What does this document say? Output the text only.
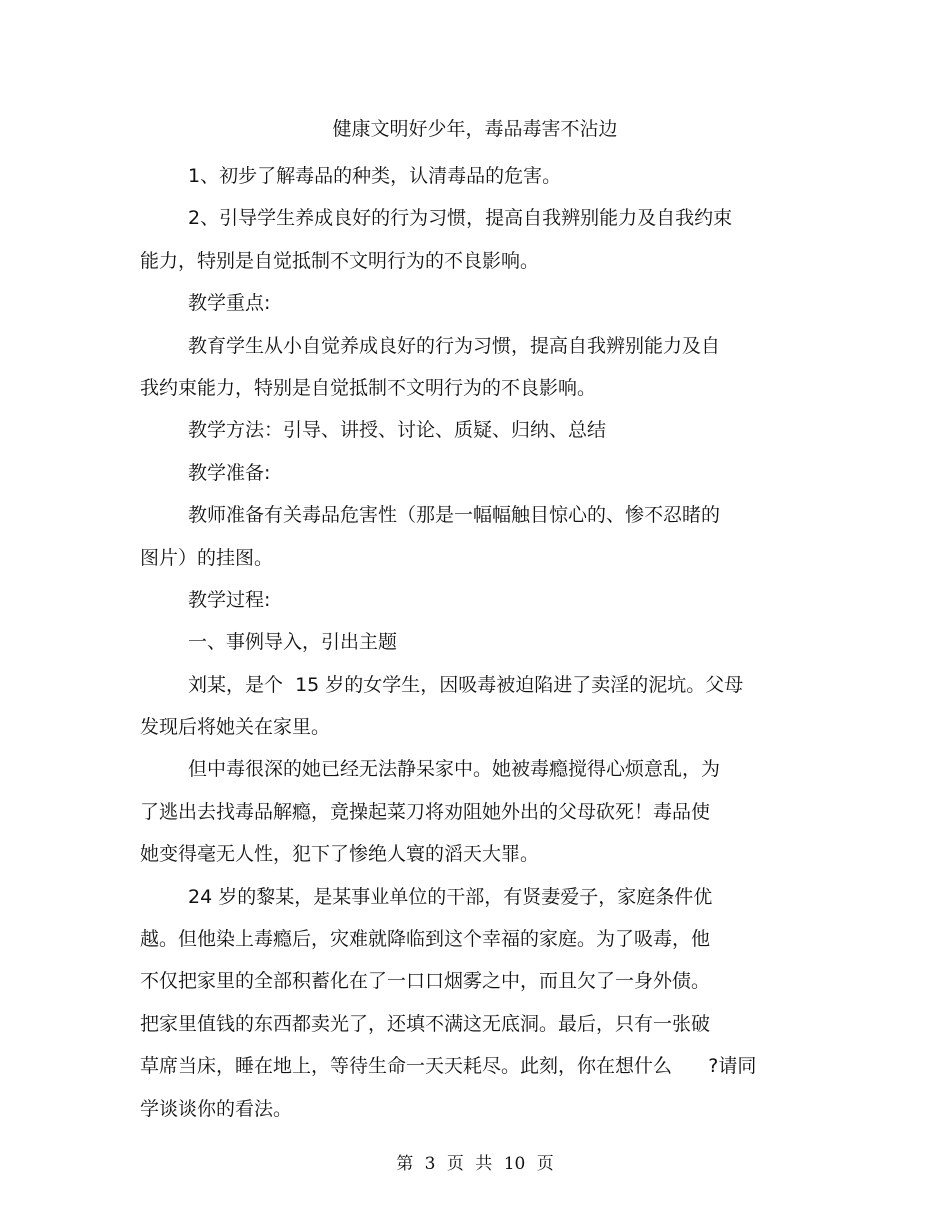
健康文明好少年，毒品毒害不沾边
1、初步了解毒品的种类，认清毒品的危害。
2、引导学生养成良好的行为习惯，提高自我辨别能力及自我约束
能力，特别是自觉抵制不文明行为的不良影响。
教学重点:
教育学生从小自觉养成良好的行为习惯，提高自我辨别能力及自
我约束能力，特别是自觉抵制不文明行为的不良影响。
教学方法：引导、讲授、讨论、质疑、归纳、总结
教学准备:
教师准备有关毒品危害性（那是一幅幅触目惊心的、惨不忍睹的
图片）的挂图。
教学过程:
一、事例导入，引出主题
刘某，是个  15 岁的女学生，因吸毒被迫陷进了卖淫的泥坑。父母
发现后将她关在家里。
但中毒很深的她已经无法静呆家中。她被毒瘾搅得心烦意乱，为
了逃出去找毒品解瘾，竟操起菜刀将劝阻她外出的父母砍死！毒品使
她变得毫无人性，犯下了惨绝人寰的滔天大罪。
24 岁的黎某，是某事业单位的干部，有贤妻爱子，家庭条件优
越。但他染上毒瘾后，灾难就降临到这个幸福的家庭。为了吸毒，他
不仅把家里的全部积蓄化在了一口口烟雾之中，而且欠了一身外债。
把家里值钱的东西都卖光了，还填不满这无底洞。最后，只有一张破
草席当床，睡在地上，等待生命一天天耗尽。此刻，你在想什么      ?请同
学谈谈你的看法。
第 3 页 共 10 页
